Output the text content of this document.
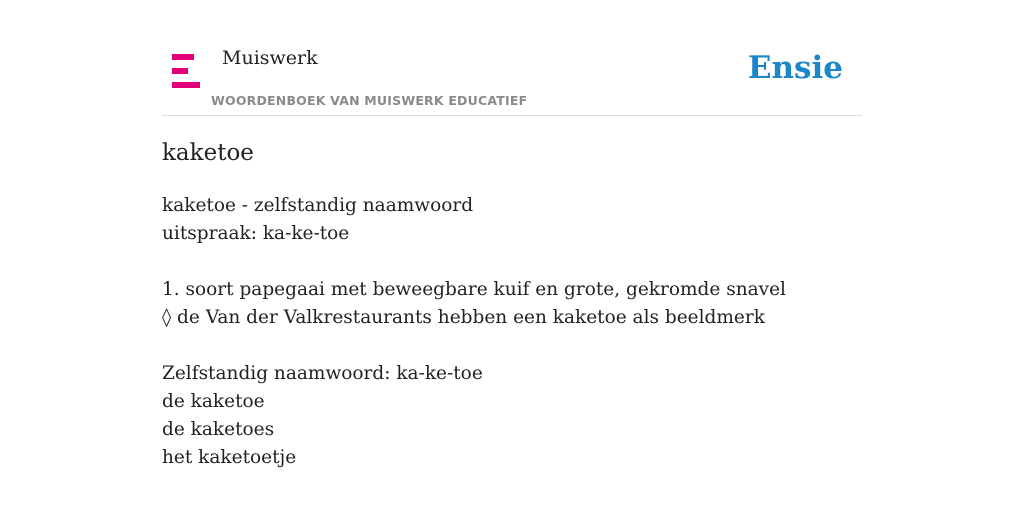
Muiswerk
WOORDENBOEK VAN MUISWERK EDUCATIEF
Ensie
kaketoe
kaketoe - zelfstandig naamwoord
uitspraak: ka-ke-toe
1. soort papegaai met beweegbare kuif en grote, gekromde snavel
◊ de Van der Valkrestaurants hebben een kaketoe als beeldmerk
Zelfstandig naamwoord: ka-ke-toe
de kaketoe
de kaketoes
het kaketoetje
